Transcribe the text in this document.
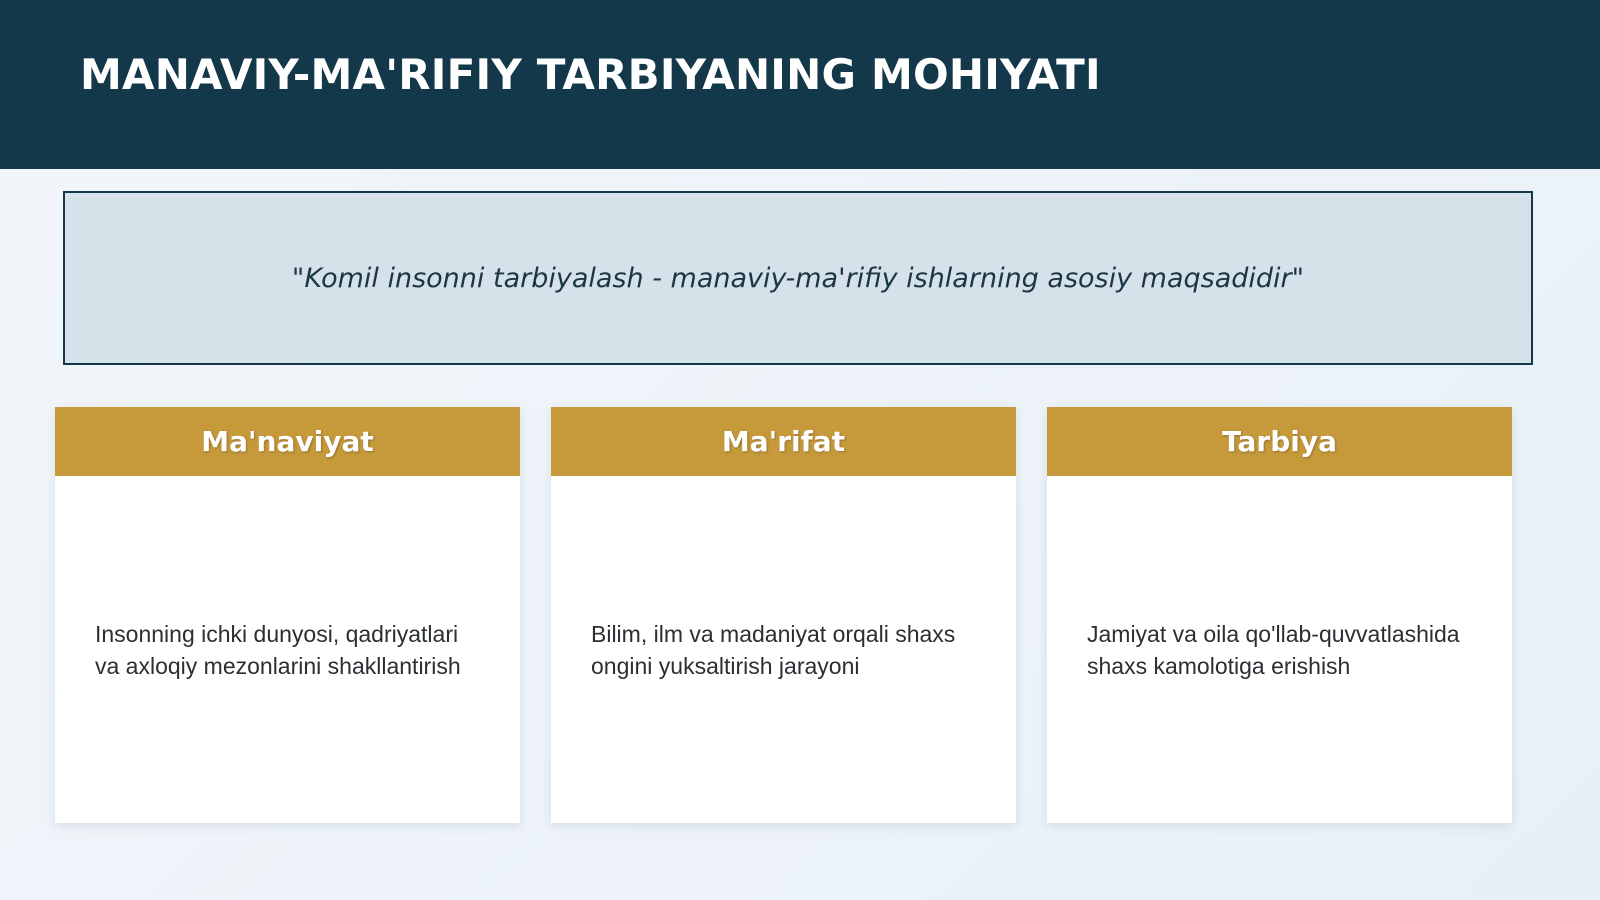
MANAVIY-MA'RIFIY TARBIYANING MOHIYATI
"Komil insonni tarbiyalash - manaviy-ma'rifiy ishlarning asosiy maqsadidir"
Ma'naviyat
Insonning ichki dunyosi, qadriyatlari va axloqiy mezonlarini shakllantirish
Ma'rifat
Bilim, ilm va madaniyat orqali shaxs ongini yuksaltirish jarayoni
Tarbiya
Jamiyat va oila qo'llab-quvvatlashida shaxs kamolotiga erishish
